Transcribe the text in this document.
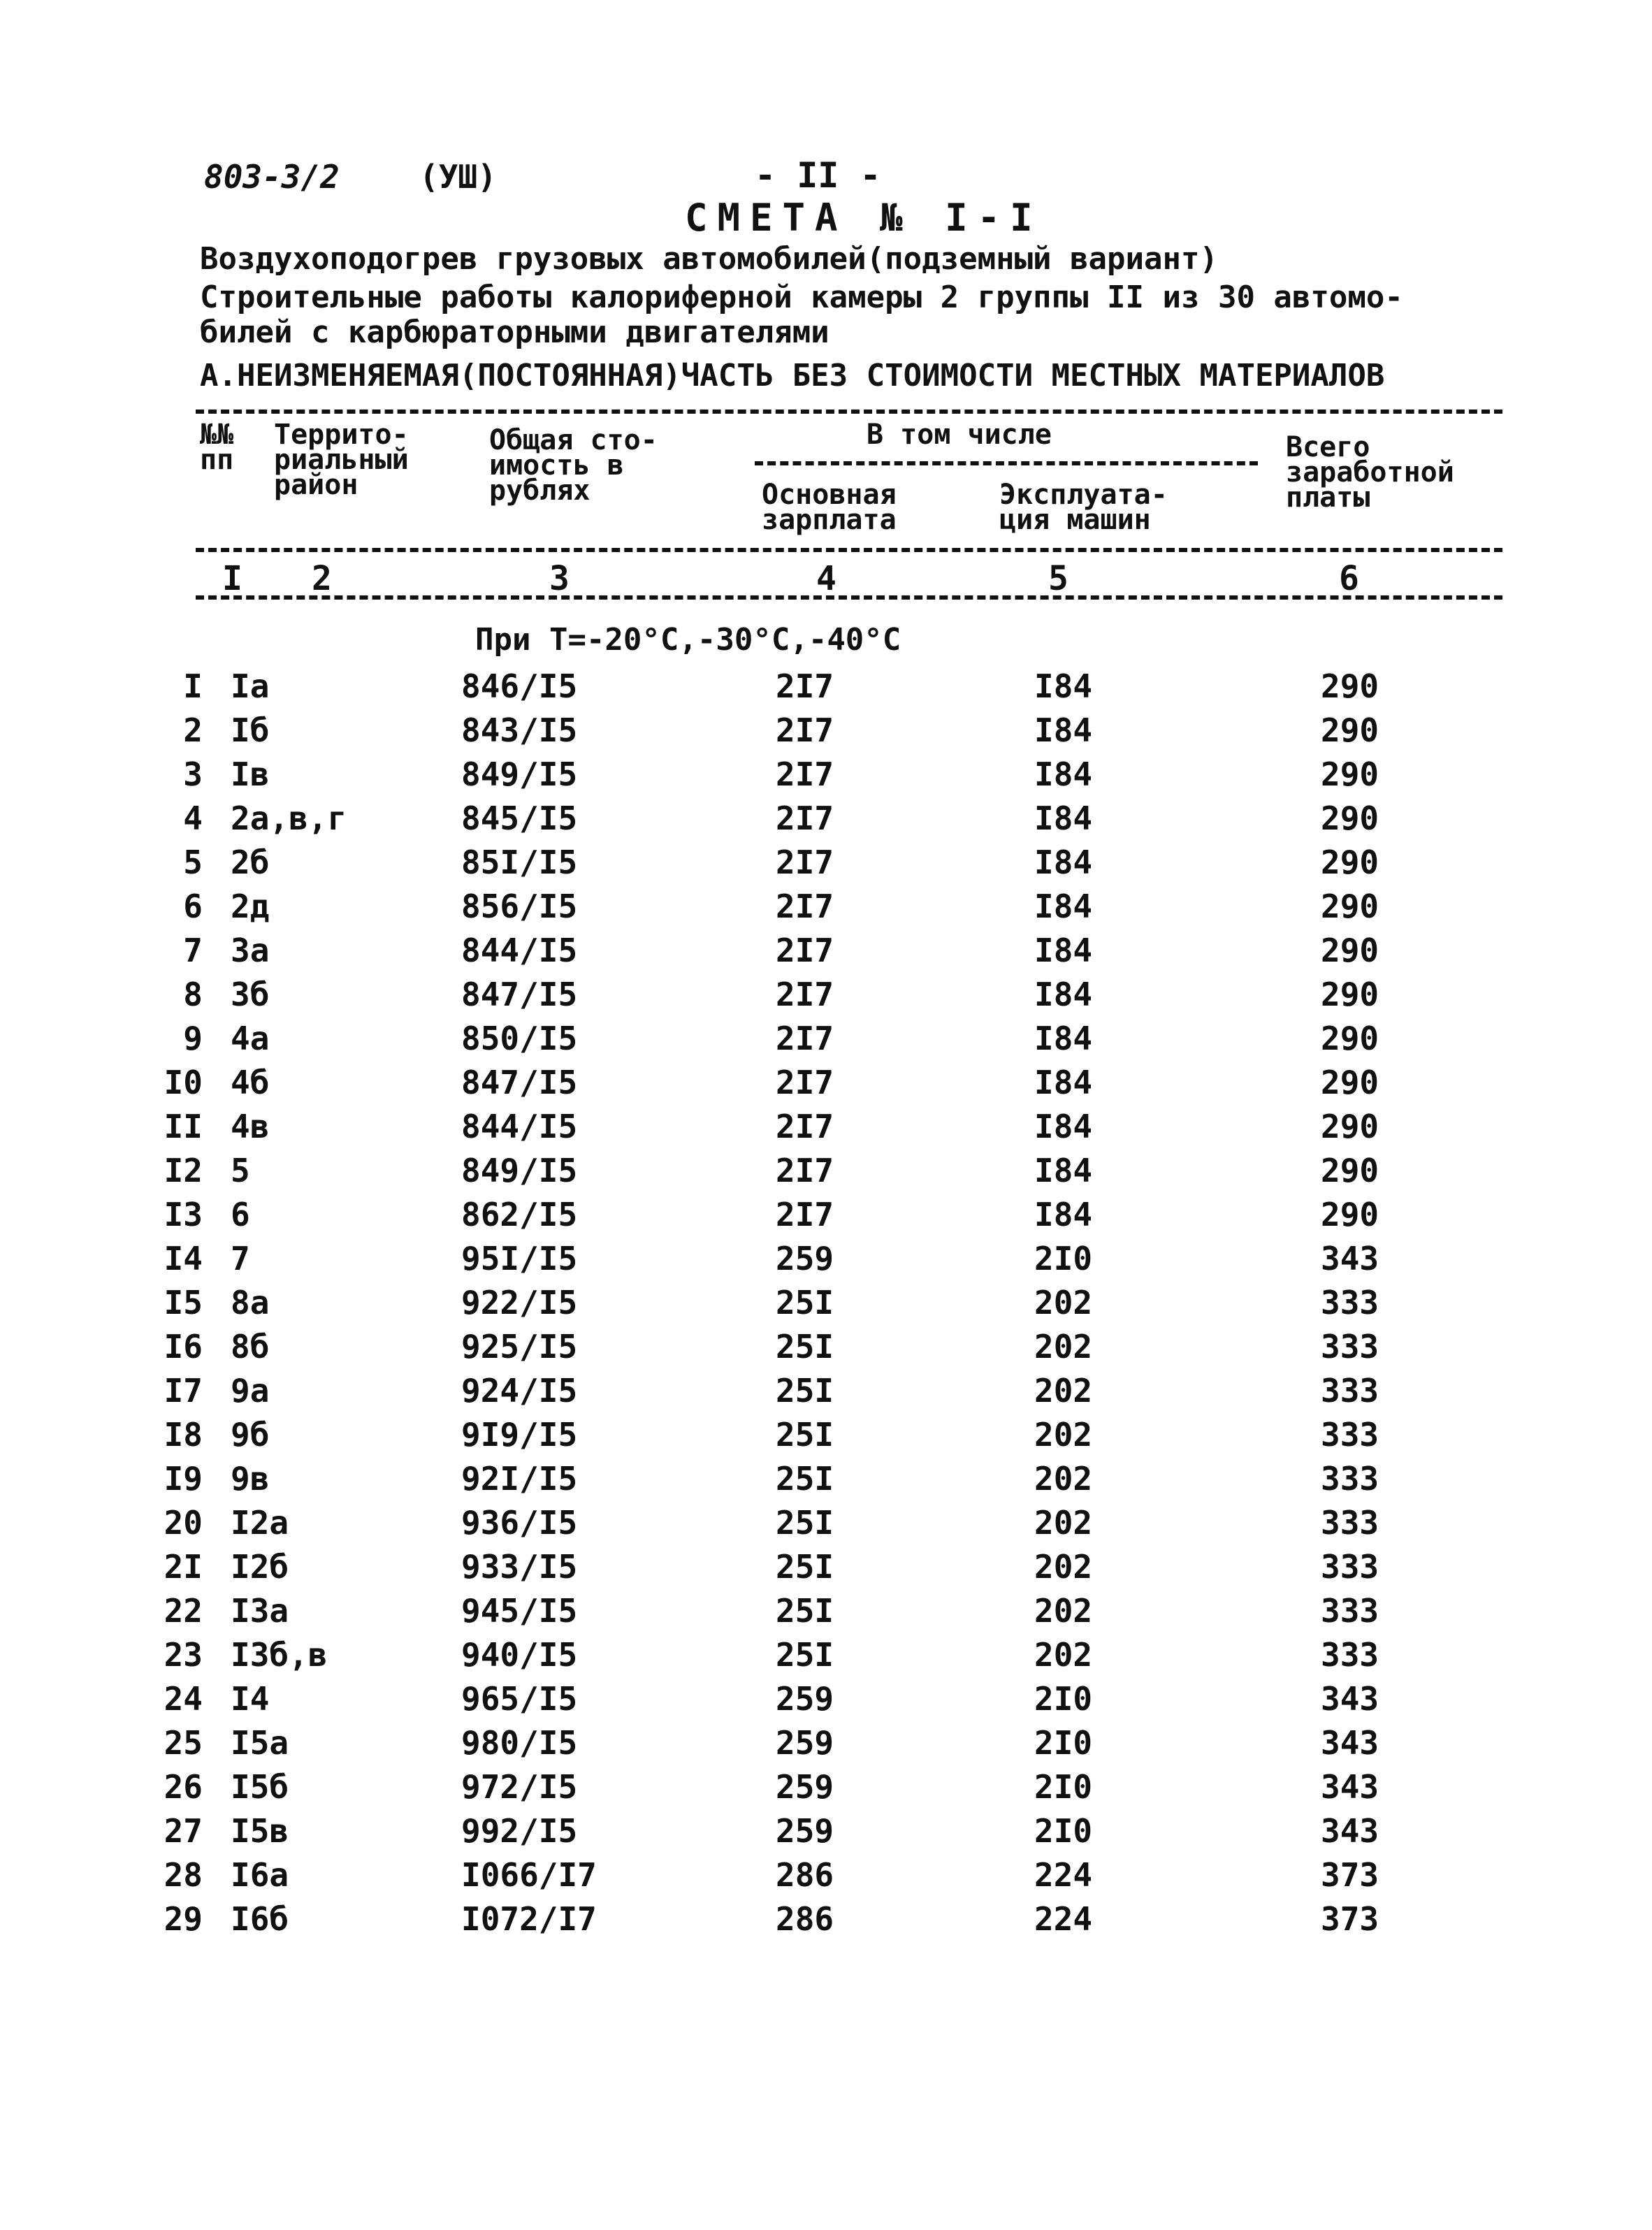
803-3/2 (УШ)	- II -
СМЕТА № I-I
Воздухоподогрев грузовых автомобилей(подземный вариант)
Строительные работы калориферной камеры 2 группы II из 30 автомо-
билей с карбюраторными двигателями
А.НЕИЗМЕНЯЕМАЯ(ПОСТОЯННАЯ)ЧАСТЬ БЕЗ СТОИМОСТИ МЕСТНЫХ МАТЕРИАЛОВ
№№
пп
Террито-
риальный
район
Общая сто-
имость в
рублях
В том числе
Основная
зарплата
Эксплуата-
ция машин
Всего
заработной
платы
I 2	3	4	5	6
При Т=-20°С,-30°С,-40°С
I Iа	846/I5	2I7	I84	290
2 Iб	843/I5	2I7	I84	290
3 Iв	849/I5	2I7	I84	290
4 2а,в,г	845/I5	2I7	I84	290
5 2б	85I/I5	2I7	I84	290
6 2д	856/I5	2I7	I84	290
7 3а	844/I5	2I7	I84	290
8 3б	847/I5	2I7	I84	290
9 4а	850/I5	2I7	I84	290
I0 4б	847/I5	2I7	I84	290
II 4в	844/I5	2I7	I84	290
I2 5	849/I5	2I7	I84	290
I3 6	862/I5	2I7	I84	290
I4 7	95I/I5	259	2I0	343
I5 8а	922/I5	25I	202	333
I6 8б	925/I5	25I	202	333
I7 9а	924/I5	25I	202	333
I8 9б	9I9/I5	25I	202	333
I9 9в	92I/I5	25I	202	333
20 I2а	936/I5	25I	202	333
2I I2б	933/I5	25I	202	333
22 I3а	945/I5	25I	202	333
23 I3б,в	940/I5	25I	202	333
24 I4	965/I5	259	2I0	343
25 I5а	980/I5	259	2I0	343
26 I5б	972/I5	259	2I0	343
27 I5в	992/I5	259	2I0	343
28 I6а	I066/I7	286	224	373
29 I6б	I072/I7	286	224	373
